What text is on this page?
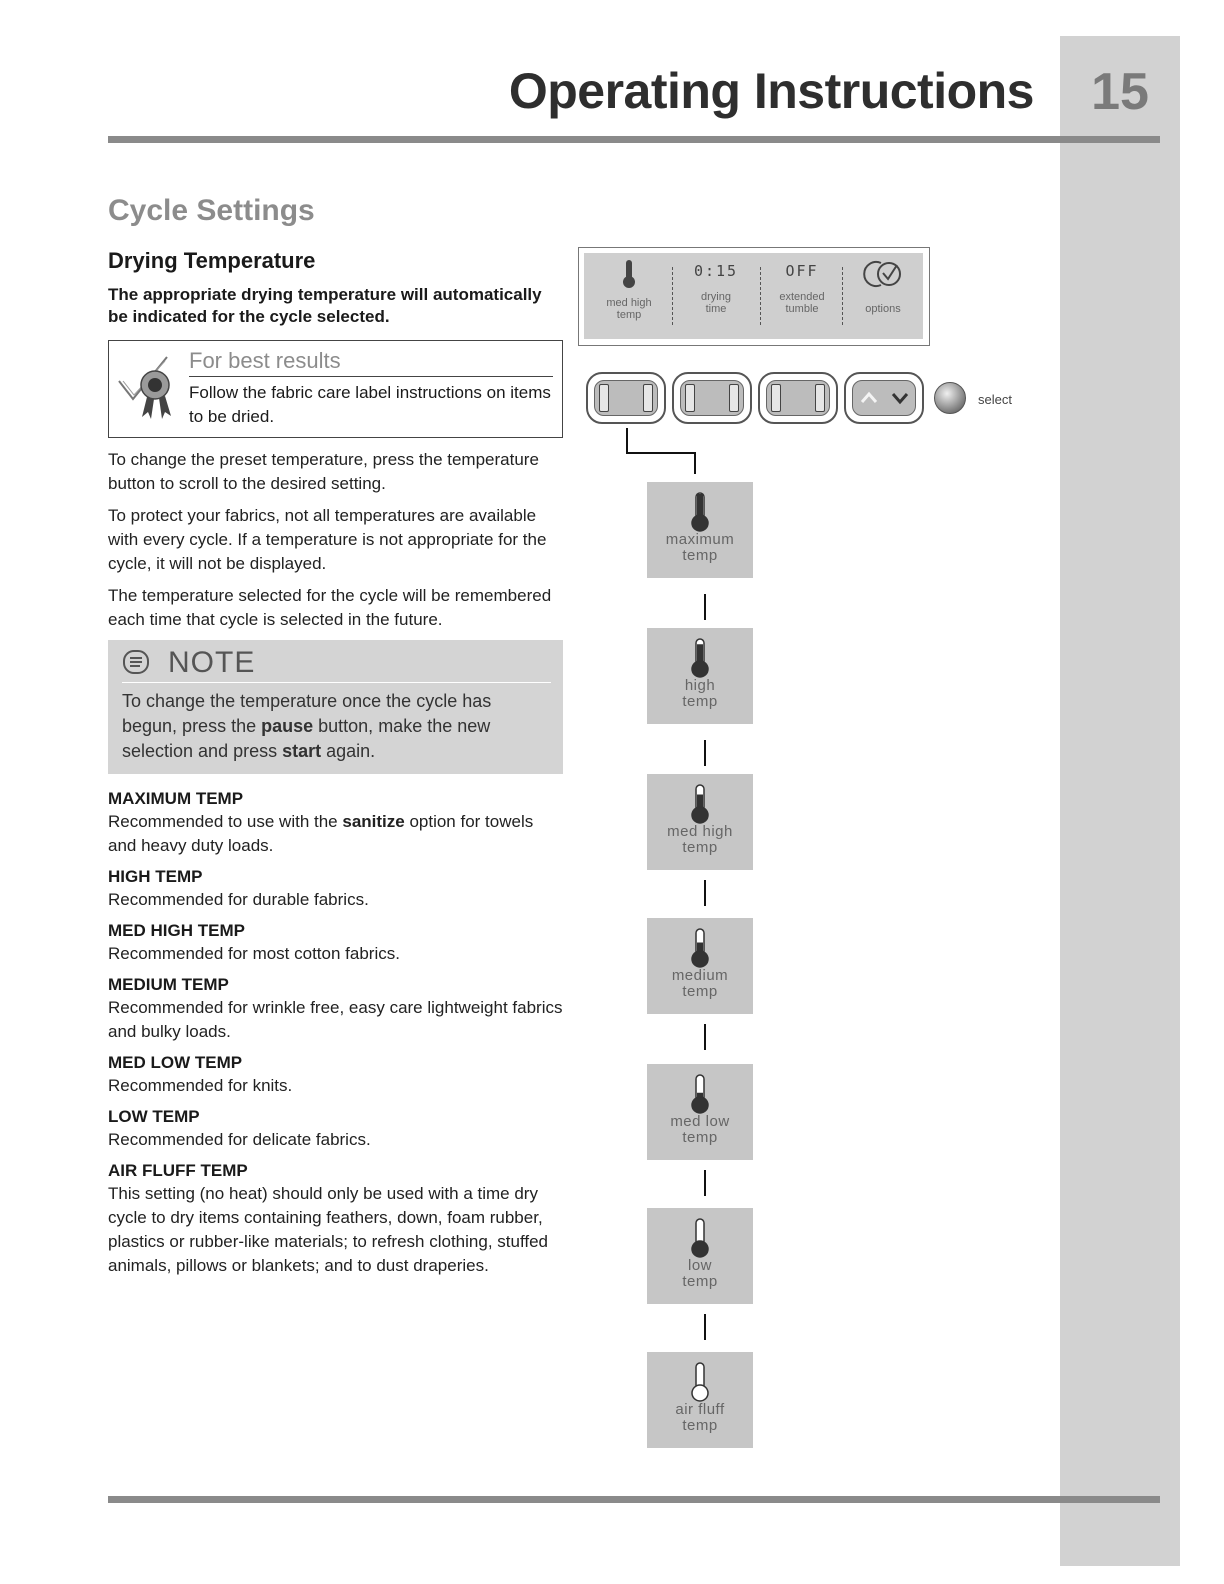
15
Operating Instructions
Cycle Settings
Drying Temperature
The appropriate drying temperature will automatically be indicated for the cycle selected.
For best results
Follow the fabric care label instructions on items to be dried.
To change the preset temperature, press the temperature button to scroll to the desired setting.
To protect your fabrics, not all temperatures are available with every cycle. If a temperature is not appropriate for the cycle, it will not be displayed.
The temperature selected for the cycle will be remembered each time that cycle is selected in the future.
NOTE
To change the temperature once the cycle has begun, press the pause button, make the new selection and press start again.
MAXIMUM TEMP
Recommended to use with the sanitize option for towels and heavy duty loads.
HIGH TEMP
Recommended for durable fabrics.
MED HIGH TEMP
Recommended for most cotton fabrics.
MEDIUM TEMP
Recommended for wrinkle free, easy care lightweight fabrics and bulky loads.
MED LOW TEMP
Recommended for knits.
LOW TEMP
Recommended for delicate fabrics.
AIR FLUFF TEMP
This setting (no heat) should only be used with a time dry cycle to dry items containing feathers, down, foam rubber, plastics or rubber-like materials; to refresh clothing, stuffed animals, pillows or blankets; and to dust draperies.
med high
temp
0:15
drying
time
OFF
extended
tumble	options
select
maximum
temp
high
temp
med high
temp
medium
temp
med low
temp
low
temp
air fluff
temp
